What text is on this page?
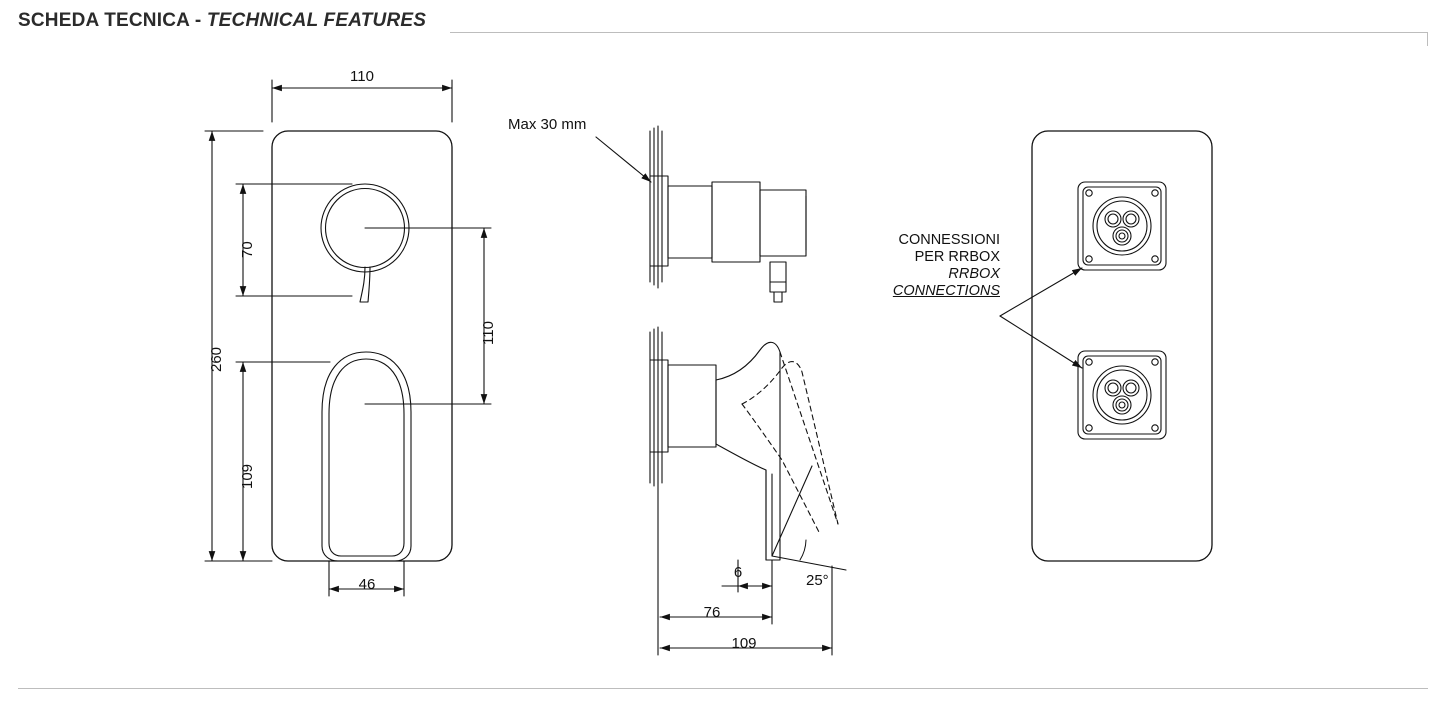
SCHEDA TECNICA - TECHNICAL FEATURES
110
260
70
110
109
46
Max 30 mm
6
76
109
25°
CONNESSIONI
PER RRBOX
RRBOX
CONNECTIONS
